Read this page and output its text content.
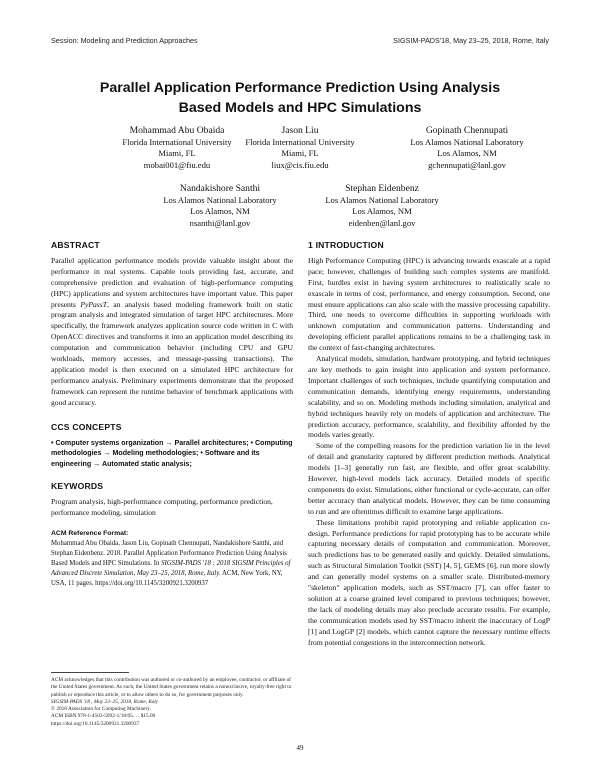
Session: Modeling and Prediction Approaches	SIGSIM-PADS'18, May 23–25, 2018, Rome, Italy
Parallel Application Performance Prediction Using Analysis
Based Models and HPC Simulations
Mohammad Abu Obaida
Florida International University
Miami, FL
mobai001@fiu.edu
Jason Liu
Florida International University
Miami, FL
liux@cis.fiu.edu
Gopinath Chennupati
Los Alamos National Laboratory
Los Alamos, NM
gchennupati@lanl.gov
Nandakishore Santhi
Los Alamos National Laboratory
Los Alamos, NM
nsanthi@lanl.gov
Stephan Eidenbenz
Los Alamos National Laboratory
Los Alamos, NM
eidenben@lanl.gov
ABSTRACT

Parallel application performance models provide valuable insight about the performance in real systems. Capable tools providing fast, accurate, and comprehensive prediction and evaluation of high-performance computing (HPC) applications and system architectures have important value. This paper presents PyPassT, an analysis based modeling framework built on static program analysis and integrated simulation of target HPC architectures. More specifically, the framework analyzes application source code written in C with OpenACC directives and transforms it into an application model describing its computation and communication behavior (including CPU and GPU workloads, memory accesses, and message-passing transactions). The application model is then executed on a simulated HPC architecture for performance analysis. Preliminary experiments demonstrate that the proposed framework can represent the runtime behavior of benchmark applications with good accuracy.

CCS CONCEPTS

• Computer systems organization → Parallel architectures; • Computing methodologies → Modeling methodologies; • Software and its engineering → Automated static analysis;

KEYWORDS

Program analysis, high-performance computing, performance prediction, performance modeling, simulation

ACM Reference Format:

Mohammad Abu Obaida, Jason Liu, Gopinath Chennupati, Nandakishore Santhi, and Stephan Eidenbenz. 2018. Parallel Application Performance Prediction Using Analysis Based Models and HPC Simulations. In SIGSIM-PADS '18 : 2018 SIGSIM Principles of Advanced Discrete Simulation, May 23–25, 2018, Rome, Italy. ACM, New York, NY, USA, 11 pages. https://doi.org/10.1145/3200921.3200937

ACM acknowledges that this contribution was authored or co-authored by an employee, contractor, or affiliate of the United States government. As such, the United States government retains a nonexclusive, royalty-free right to publish or reproduce this article, or to allow others to do so, for government purposes only.

SIGSIM-PADS '18 , May 23–25, 2018, Rome, Italy

© 2018 Association for Computing Machinery.

ACM ISBN 978-1-4503-5092-1/18/05. . . $15.00

https://doi.org/10.1145/3200921.3200937

1 INTRODUCTION

High Performance Computing (HPC) is advancing towards exascale at a rapid pace; however, challenges of building such complex systems are manifold. First, hurdles exist in having system architectures to realistically scale to exascale in terms of cost, performance, and energy consumption. Second, one must ensure applications can also scale with the massive processing capability. Third, one needs to overcome difficulties in supporting workloads with unknown computation and communication patterns. Understanding and developing efficient parallel applications remains to be a challenging task in the context of fast-changing architectures.

Analytical models, simulation, hardware prototyping, and hybrid techniques are key methods to gain insight into application and system performance. Important challenges of such techniques, include quantifying computation and communication demands, identifying energy requirements, understanding scalability, and so on. Modeling methods including simulation, analytical and hybrid techniques heavily rely on models of application and architecture. The prediction accuracy, performance, scalability, and flexibility afforded by the models varies greatly.

Some of the compelling reasons for the prediction variation lie in the level of detail and granularity captured by different prediction methods. Analytical models [1–3] generally run fast, are flexible, and offer great scalability. However, high-level models lack accuracy. Detailed models of specific components do exist. Simulations, either functional or cycle-accurate, can offer better accuracy than analytical models. However, they can be time consuming to run and are oftentimes difficult to examine large applications.

These limitations prohibit rapid prototyping and reliable application co-design. Performance predictions for rapid prototyping has to be accurate while capturing necessary details of computation and communication. Moreover, such predictions has to be generated easily and quickly. Detailed simulations, such as Structural Simulation Toolkit (SST) [4, 5], GEMS [6], run more slowly and can generally model systems on a smaller scale. Distributed-memory "skeleton" application models, such as SST/macro [7], can offer faster to solution at a coarse grained level compared to previous techniques; however, the lack of modeling details may also preclude accurate results. For example, the communication models used by SST/macro inherit the inaccuracy of LogP [1] and LogGP [2] models, which cannot capture the necessary runtime effects from potential congestions in the interconnection network.

49
